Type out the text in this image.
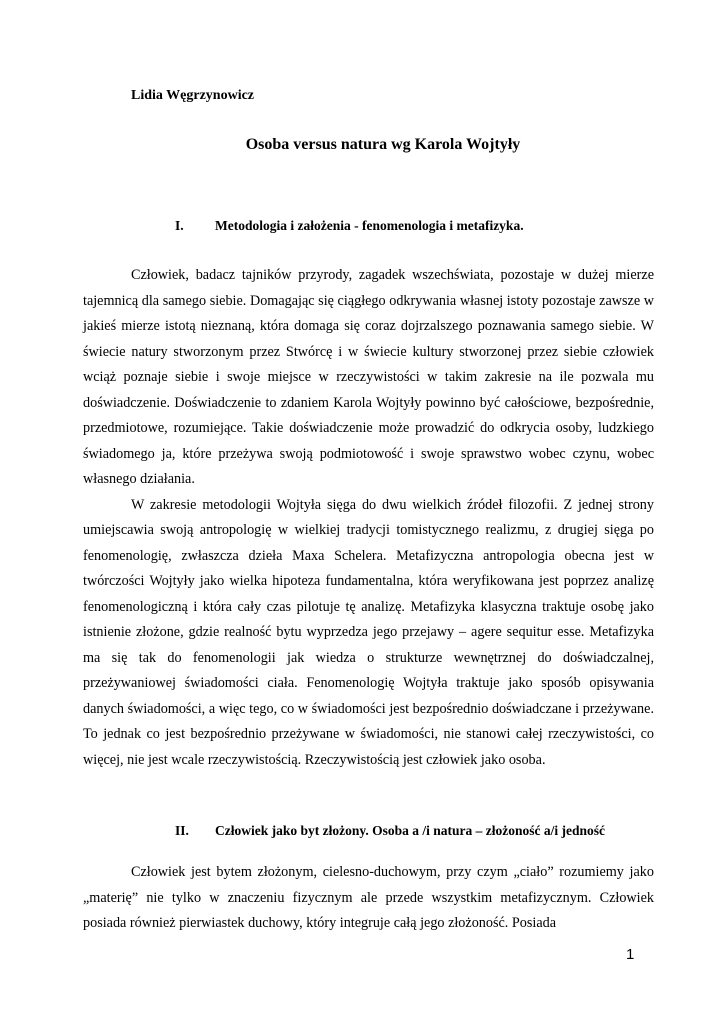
Lidia Węgrzynowicz
Osoba versus natura wg Karola Wojtyły
I. Metodologia i założenia - fenomenologia i metafizyka.

Człowiek, badacz tajników przyrody, zagadek wszechświata, pozostaje w dużej mierze tajemnicą dla samego siebie. Domagając się ciągłego odkrywania własnej istoty pozostaje zawsze w jakieś mierze istotą nieznaną, która domaga się coraz dojrzalszego poznawania samego siebie. W świecie natury stworzonym przez Stwórcę i w świecie kultury stworzonej przez siebie człowiek wciąż poznaje siebie i swoje miejsce w rzeczywistości w takim zakresie na ile pozwala mu doświadczenie. Doświadczenie to zdaniem Karola Wojtyły powinno być całościowe, bezpośrednie, przedmiotowe, rozumiejące. Takie doświadczenie może prowadzić do odkrycia osoby, ludzkiego świadomego ja, które przeżywa swoją podmiotowość i swoje sprawstwo wobec czynu, wobec własnego działania.

W zakresie metodologii Wojtyła sięga do dwu wielkich źródeł filozofii. Z jednej strony umiejscawia swoją antropologię w wielkiej tradycji tomistycznego realizmu, z drugiej sięga po fenomenologię, zwłaszcza dzieła Maxa Schelera. Metafizyczna antropologia obecna jest w twórczości Wojtyły jako wielka hipoteza fundamentalna, która weryfikowana jest poprzez analizę fenomenologiczną i która cały czas pilotuje tę analizę. Metafizyka klasyczna traktuje osobę jako istnienie złożone, gdzie realność bytu wyprzedza jego przejawy – agere sequitur esse. Metafizyka ma się tak do fenomenologii jak wiedza o strukturze wewnętrznej do doświadczalnej, przeżywaniowej świadomości ciała. Fenomenologię Wojtyła traktuje jako sposób opisywania danych świadomości, a więc tego, co w świadomości jest bezpośrednio doświadczane i przeżywane. To jednak co jest bezpośrednio przeżywane w świadomości, nie stanowi całej rzeczywistości, co więcej, nie jest wcale rzeczywistością. Rzeczywistością jest człowiek jako osoba.

II. Człowiek jako byt złożony. Osoba a /i natura – złożoność a/i jedność

Człowiek jest bytem złożonym, cielesno-duchowym, przy czym „ciało” rozumiemy jako „materię” nie tylko w znaczeniu fizycznym ale przede wszystkim metafizycznym. Człowiek posiada również pierwiastek duchowy, który integruje całą jego złożoność. Posiada

1
